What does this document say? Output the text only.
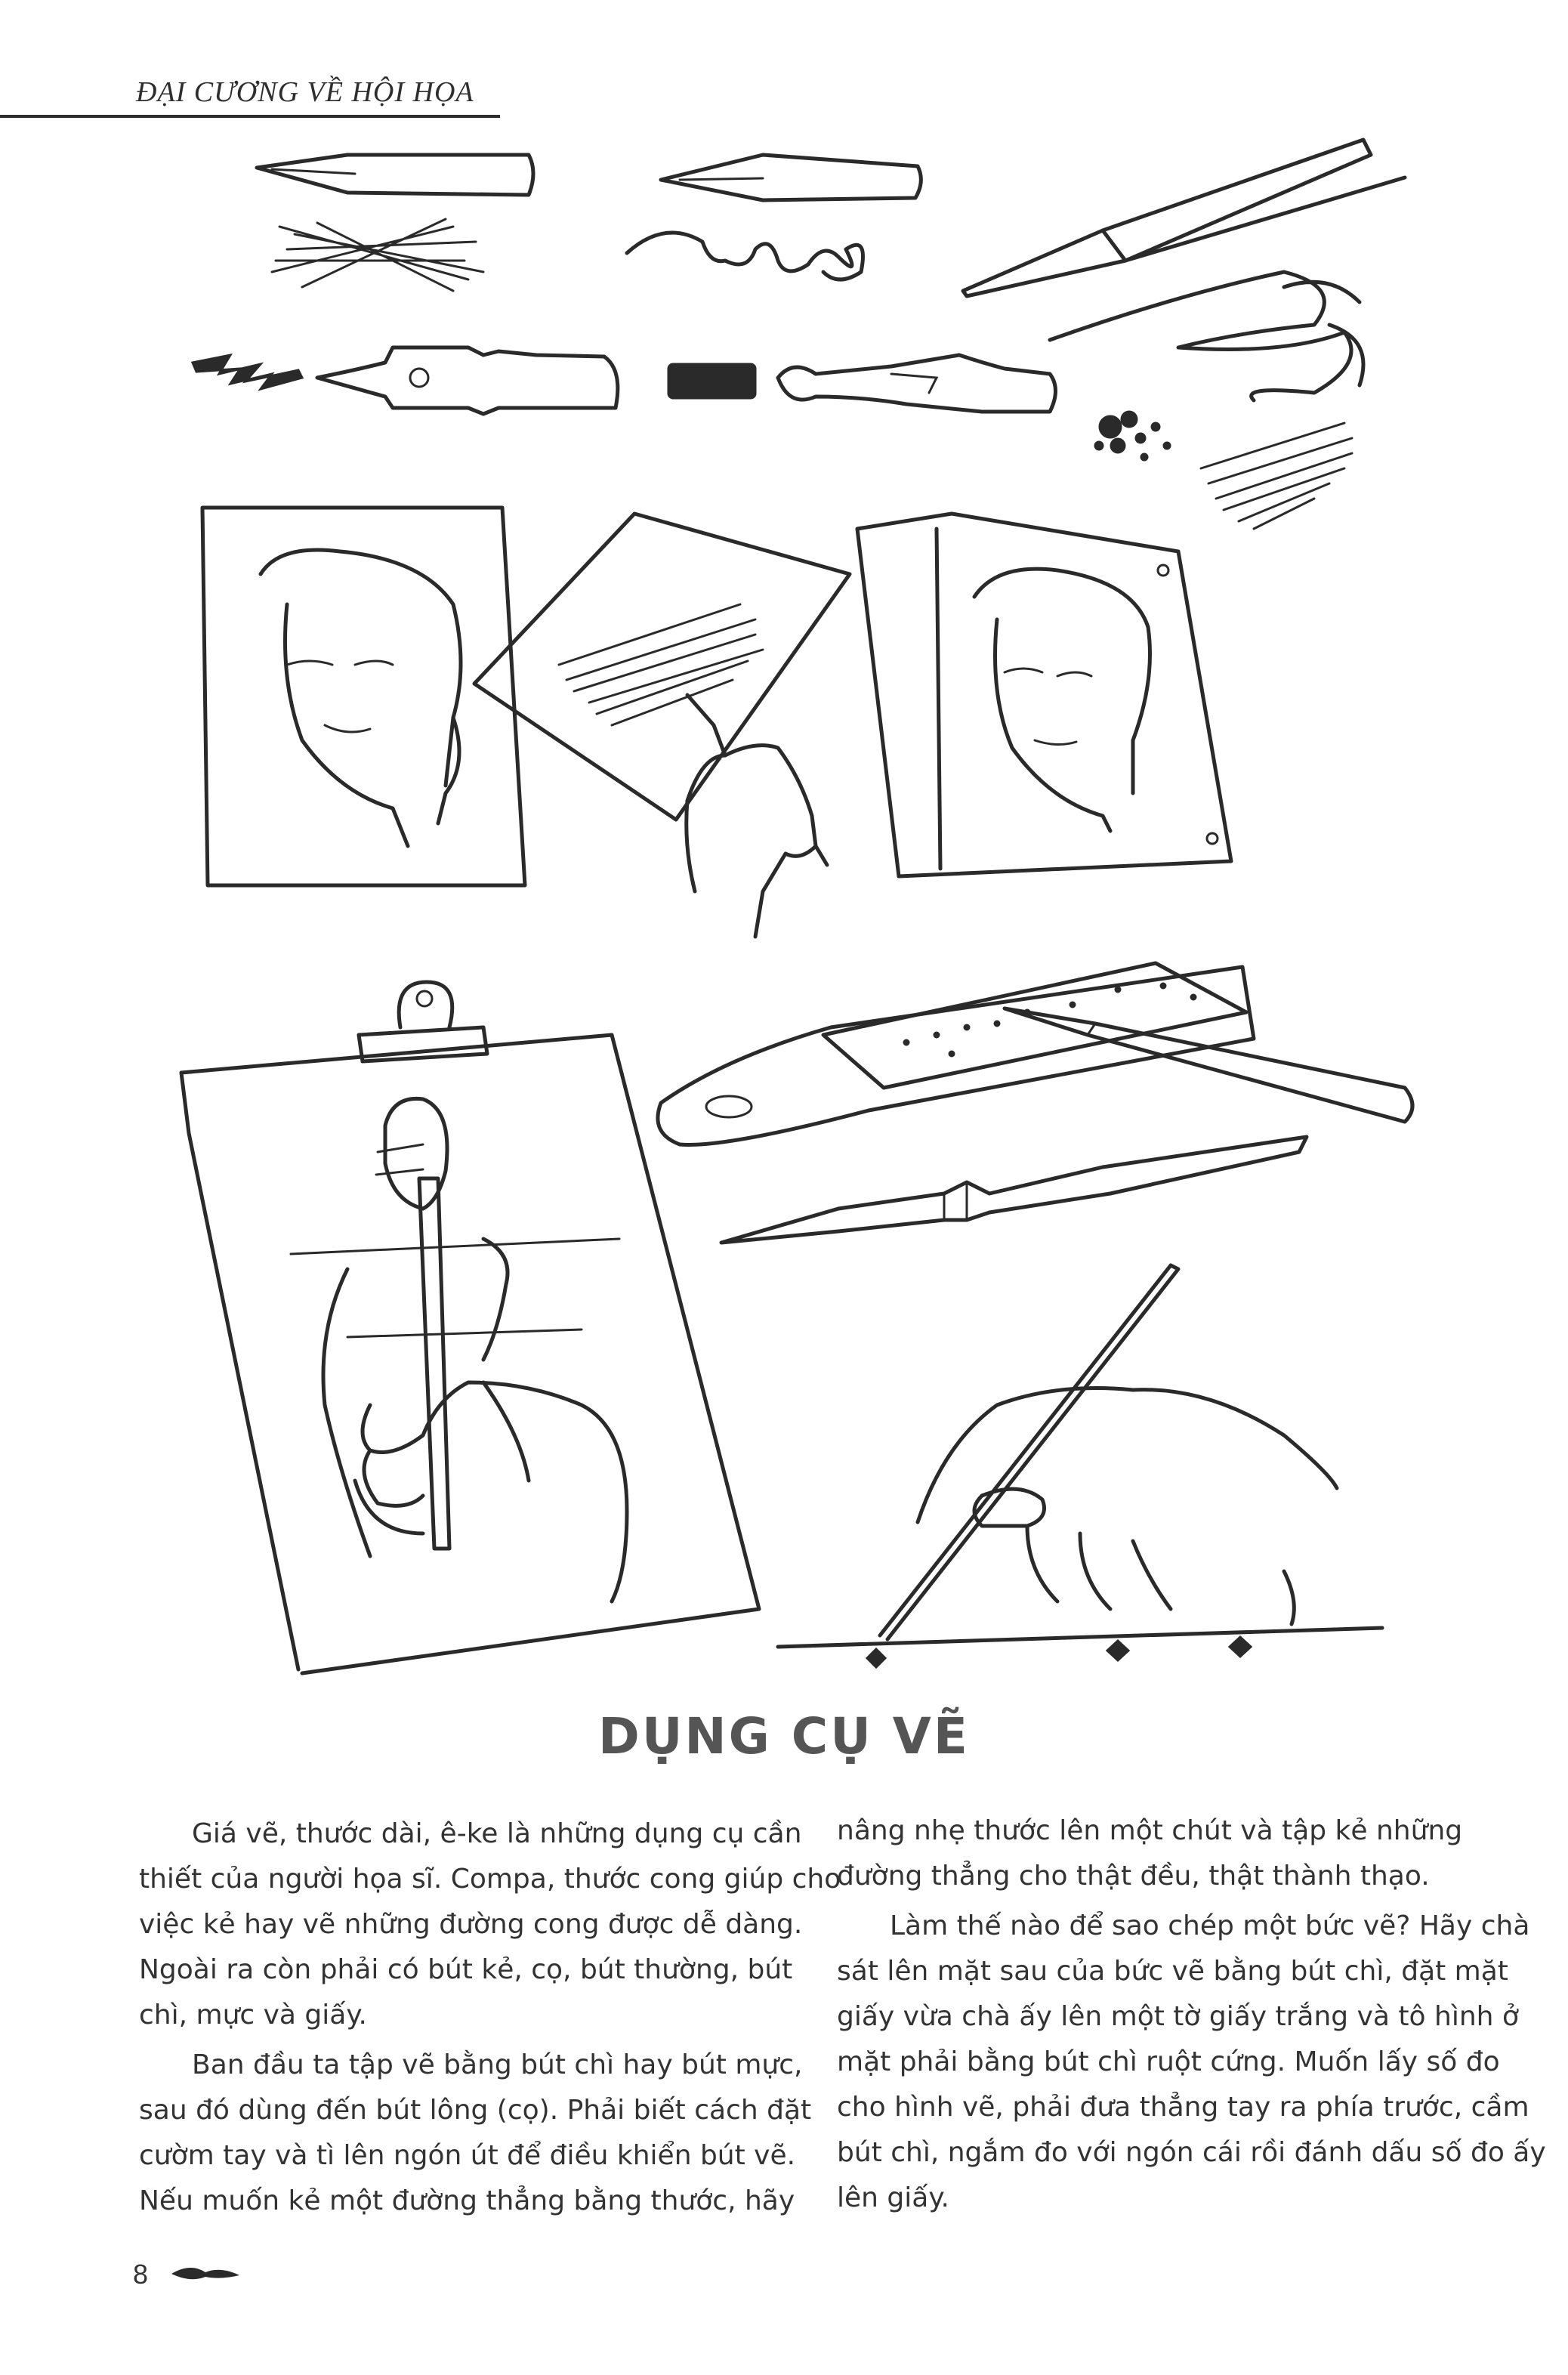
ĐẠI CƯƠNG VỀ HỘI HỌA
DỤNG CỤ VẼ

Giá vẽ, thước dài, ê-ke là những dụng cụ cần thiết của người họa sĩ. Compa, thước cong giúp cho việc kẻ hay vẽ những đường cong được dễ dàng. Ngoài ra còn phải có bút kẻ, cọ, bút thường, bút chì, mực và giấy.

Ban đầu ta tập vẽ bằng bút chì hay bút mực, sau đó dùng đến bút lông (cọ). Phải biết cách đặt cườm tay và tì lên ngón út để điều khiển bút vẽ. Nếu muốn kẻ một đường thẳng bằng thước, hãy

nâng nhẹ thước lên một chút và tập kẻ những đường thẳng cho thật đều, thật thành thạo.

Làm thế nào để sao chép một bức vẽ? Hãy chà sát lên mặt sau của bức vẽ bằng bút chì, đặt mặt giấy vừa chà ấy lên một tờ giấy trắng và tô hình ở mặt phải bằng bút chì ruột cứng. Muốn lấy số đo cho hình vẽ, phải đưa thẳng tay ra phía trước, cầm bút chì, ngắm đo với ngón cái rồi đánh dấu số đo ấy lên giấy.

8
